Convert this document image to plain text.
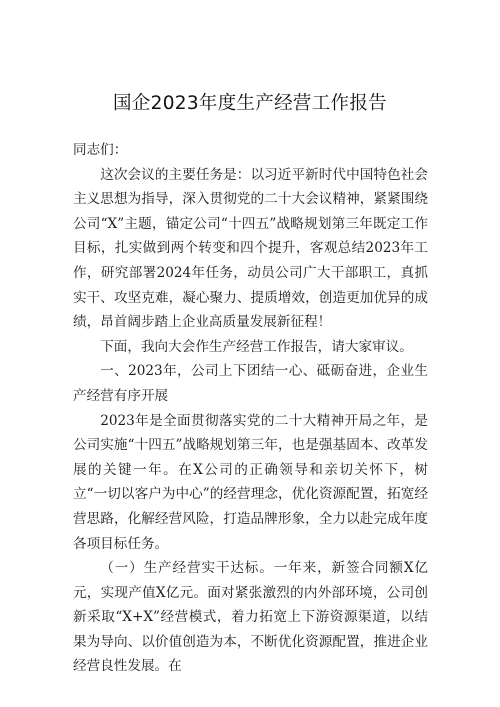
国企2023年度生产经营工作报告

同志们：

这次会议的主要任务是：以习近平新时代中国特色社会主义思想为指导，深入贯彻党的二十大会议精神，紧紧围绕公司“X”主题，锚定公司“十四五”战略规划第三年既定工作目标，扎实做到两个转变和四个提升，客观总结2023年工作，研究部署2024年任务，动员公司广大干部职工，真抓实干、攻坚克难，凝心聚力、提质增效，创造更加优异的成绩，昂首阔步踏上企业高质量发展新征程！

下面，我向大会作生产经营工作报告，请大家审议。

一、2023年，公司上下团结一心、砥砺奋进，企业生产经营有序开展

2023年是全面贯彻落实党的二十大精神开局之年，是公司实施“十四五”战略规划第三年，也是强基固本、改革发展的关键一年。在X公司的正确领导和亲切关怀下，树立“一切以客户为中心”的经营理念，优化资源配置，拓宽经营思路，化解经营风险，打造品牌形象，全力以赴完成年度各项目标任务。

（一）生产经营实干达标。一年来，新签合同额X亿元，实现产值X亿元。面对紧张激烈的内外部环境，公司创新采取“X+X”经营模式，着力拓宽上下游资源渠道，以结果为导向、以价值创造为本，不断优化资源配置，推进企业经营良性发展。在
